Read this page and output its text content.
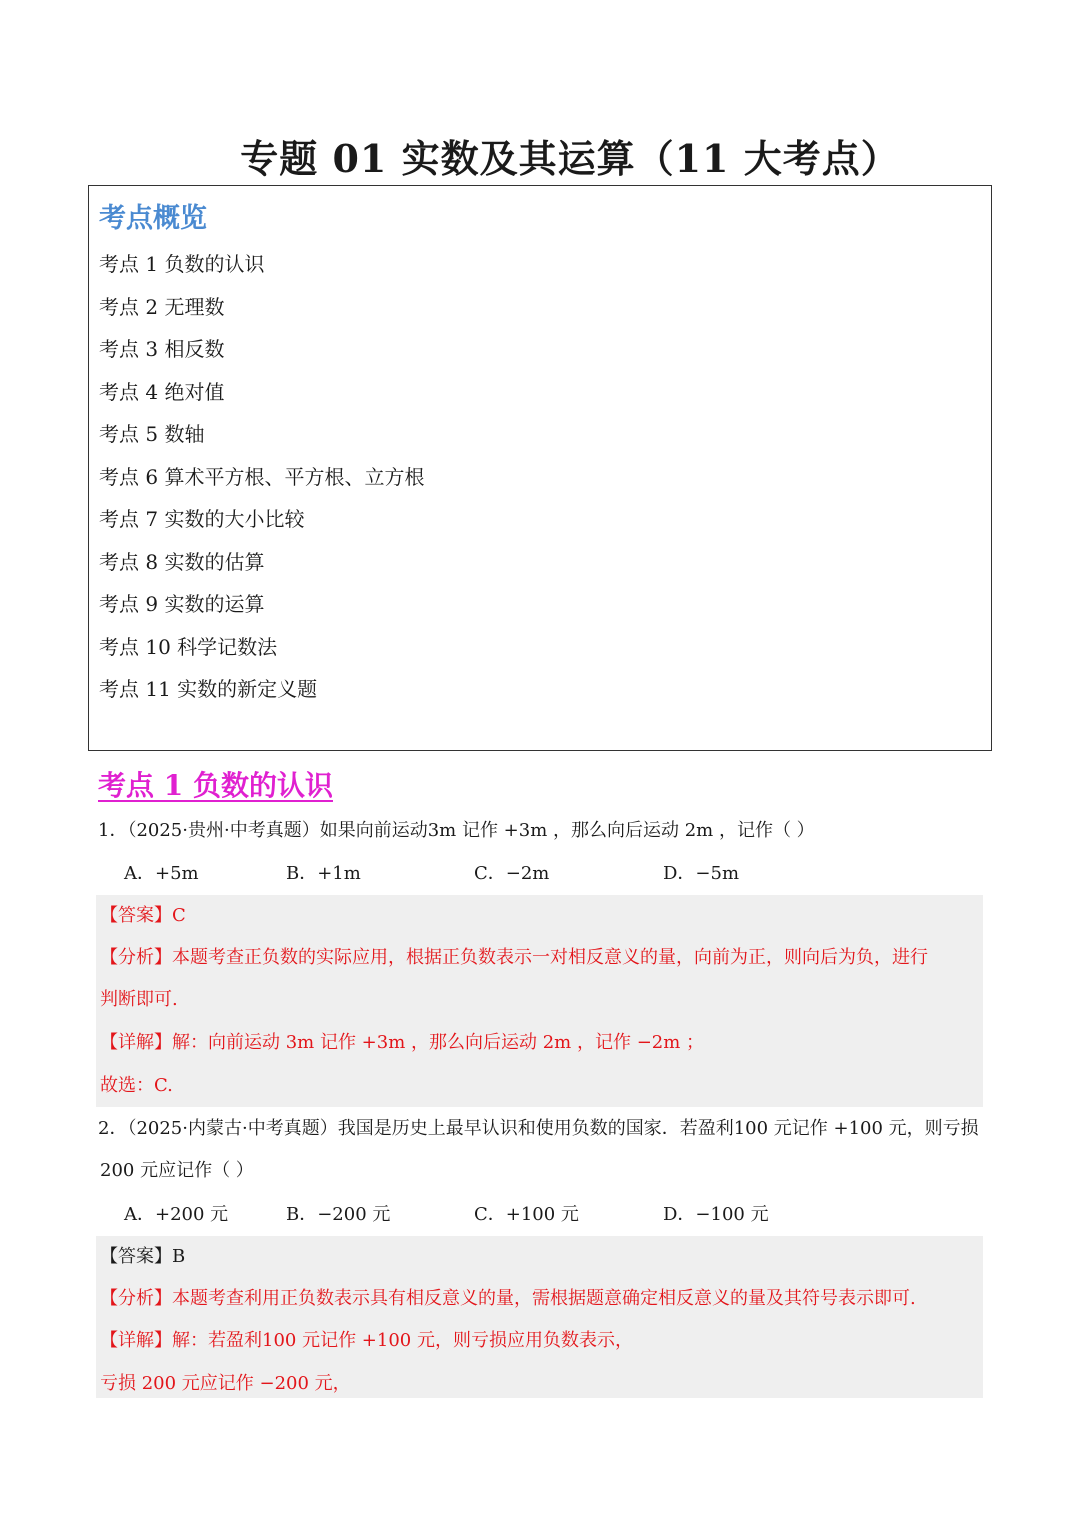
专题 01 实数及其运算（11 大考点）
考点概览
考点 1 负数的认识
考点 2 无理数
考点 3 相反数
考点 4 绝对值
考点 5 数轴
考点 6 算术平方根、平方根、立方根
考点 7 实数的大小比较
考点 8 实数的估算
考点 9 实数的运算
考点 10 科学记数法
考点 11 实数的新定义题
考点 1 负数的认识
1．（2025·贵州·中考真题）如果向前运动3m 记作 +3m ，那么向后运动 2m ，记作（ ）
A．+5m	B．+1m	C．−2m	D．−5m
【答案】C
【分析】本题考查正负数的实际应用，根据正负数表示一对相反意义的量，向前为正，则向后为负，进行
判断即可.
【详解】解：向前运动 3m 记作 +3m ，那么向后运动 2m ，记作 −2m ；
故选：C.
2．（2025·内蒙古·中考真题）我国是历史上最早认识和使用负数的国家．若盈利100 元记作 +100 元，则亏损
200 元应记作（ ）
A．+200 元	B．−200 元	C．+100 元	D．−100 元
【答案】B
【分析】本题考查利用正负数表示具有相反意义的量，需根据题意确定相反意义的量及其符号表示即可.
【详解】解：若盈利100 元记作 +100 元，则亏损应用负数表示，
亏损 200 元应记作 −200 元，
